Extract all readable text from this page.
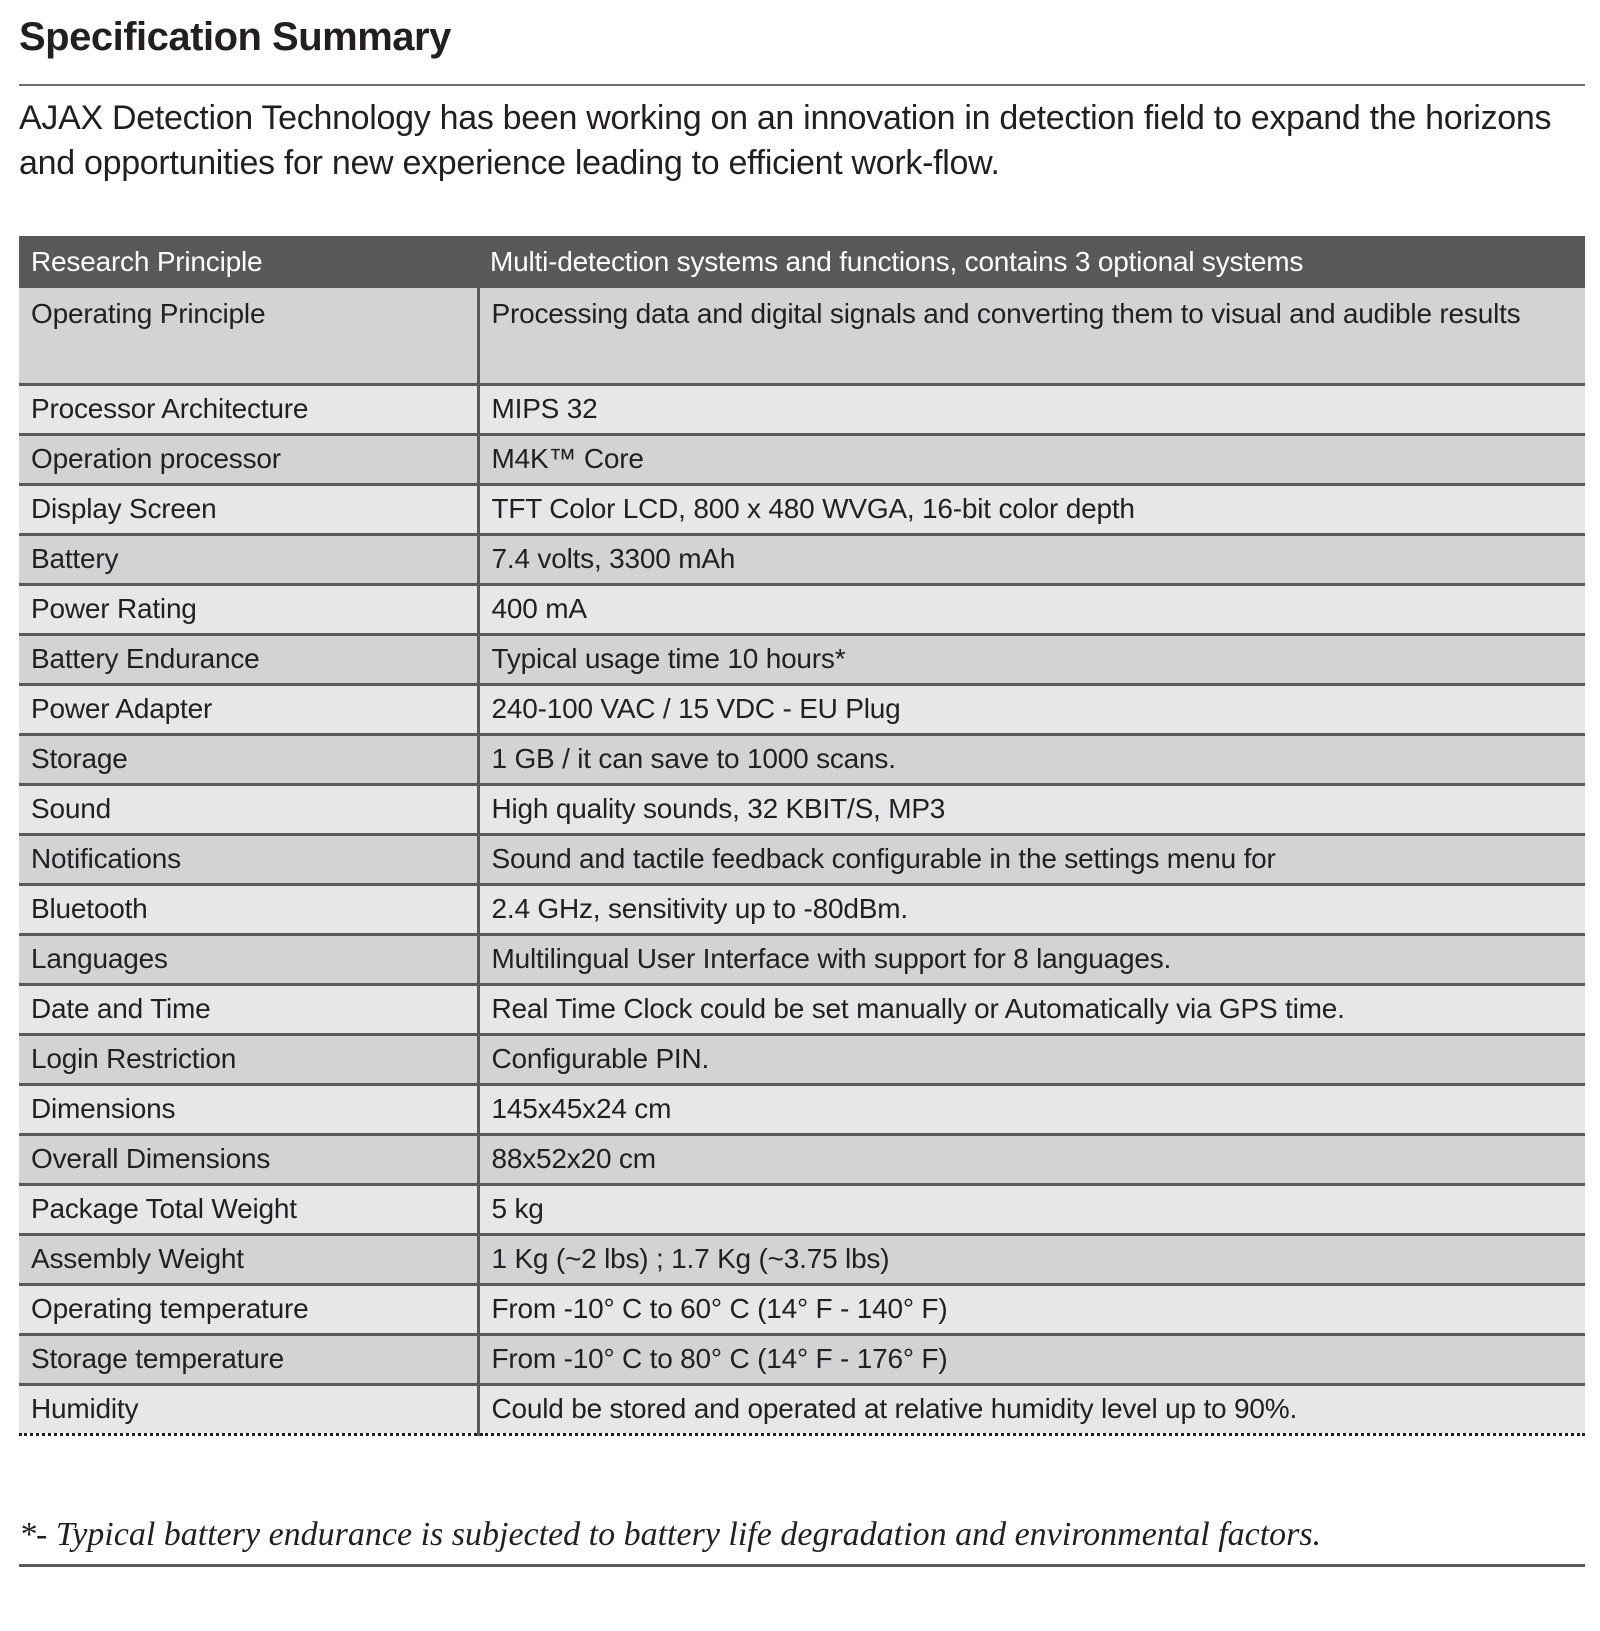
Specification Summary
AJAX Detection Technology has been working on an innovation in detection field to expand the horizons and opportunities for new experience leading to efficient work-flow.
Research Principle	Multi-detection systems and functions, contains 3 optional systems
Operating Principle	Processing data and digital signals and converting them to visual and audible results
Processor Architecture	MIPS 32
Operation processor	M4K™ Core
Display Screen	TFT Color LCD, 800 x 480 WVGA, 16-bit color depth
Battery	7.4 volts, 3300 mAh
Power Rating	400 mA
Battery Endurance	Typical usage time 10 hours*
Power Adapter	240-100 VAC / 15 VDC - EU Plug
Storage	1 GB / it can save to 1000 scans.
Sound	High quality sounds, 32 KBIT/S, MP3
Notifications	Sound and tactile feedback configurable in the settings menu for
Bluetooth	2.4 GHz, sensitivity up to -80dBm.
Languages	Multilingual User Interface with support for 8 languages.
Date and Time	Real Time Clock could be set manually or Automatically via GPS time.
Login Restriction	Configurable PIN.
Dimensions	145x45x24 cm
Overall Dimensions	88x52x20 cm
Package Total Weight	5 kg
Assembly Weight	1 Kg (~2 lbs) ; 1.7 Kg (~3.75 lbs)
Operating temperature	From -10° C to 60° C (14° F - 140° F)
Storage temperature	From -10° C to 80° C (14° F - 176° F)
Humidity	Could be stored and operated at relative humidity level up to 90%.
*- Typical battery endurance is subjected to battery life degradation and environmental factors.
